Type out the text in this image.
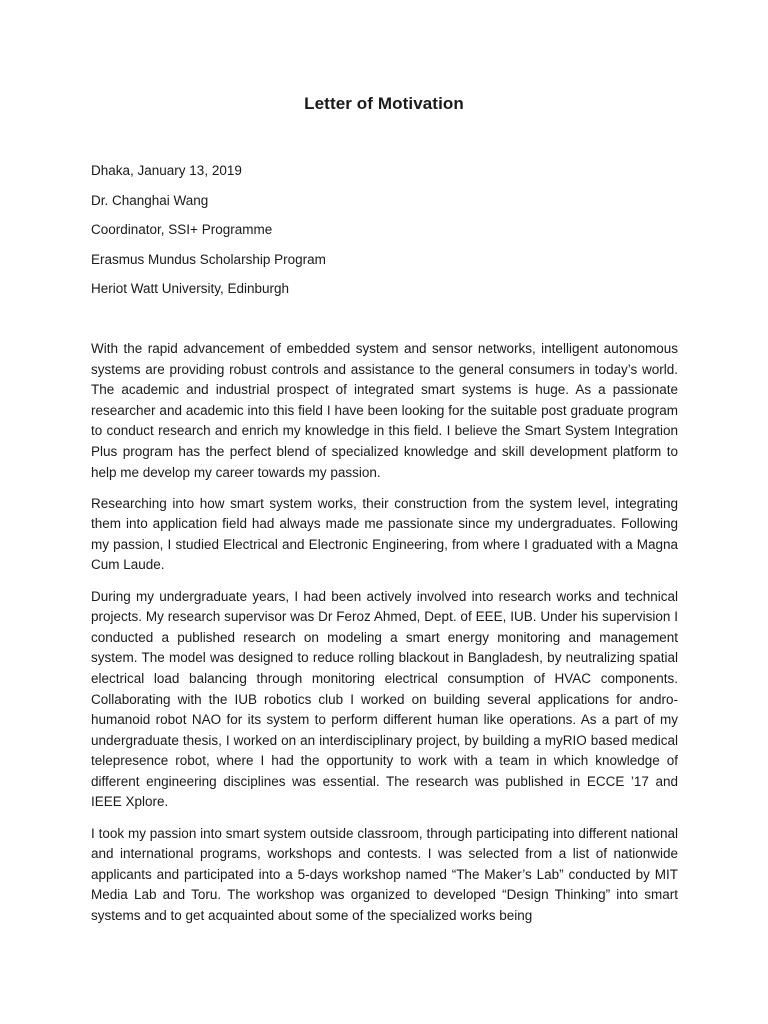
Letter of Motivation
Dhaka, January 13, 2019
Dr. Changhai Wang
Coordinator, SSI+ Programme
Erasmus Mundus Scholarship Program
Heriot Watt University, Edinburgh

With the rapid advancement of embedded system and sensor networks, intelligent autonomous systems are providing robust controls and assistance to the general consumers in today’s world. The academic and industrial prospect of integrated smart systems is huge. As a passionate researcher and academic into this field I have been looking for the suitable post graduate program to conduct research and enrich my knowledge in this field. I believe the Smart System Integration Plus program has the perfect blend of specialized knowledge and skill development platform to help me develop my career towards my passion.

Researching into how smart system works, their construction from the system level, integrating them into application field had always made me passionate since my undergraduates. Following my passion, I studied Electrical and Electronic Engineering, from where I graduated with a Magna Cum Laude.

During my undergraduate years, I had been actively involved into research works and technical projects. My research supervisor was Dr Feroz Ahmed, Dept. of EEE, IUB. Under his supervision I conducted a published research on modeling a smart energy monitoring and management system. The model was designed to reduce rolling blackout in Bangladesh, by neutralizing spatial electrical load balancing through monitoring electrical consumption of HVAC components. Collaborating with the IUB robotics club I worked on building several applications for andro-humanoid robot NAO for its system to perform different human like operations. As a part of my undergraduate thesis, I worked on an interdisciplinary project, by building a myRIO based medical telepresence robot, where I had the opportunity to work with a team in which knowledge of different engineering disciplines was essential. The research was published in ECCE ’17 and IEEE Xplore.

I took my passion into smart system outside classroom, through participating into different national and international programs, workshops and contests. I was selected from a list of nationwide applicants and participated into a 5-days workshop named “The Maker’s Lab” conducted by MIT Media Lab and Toru. The workshop was organized to developed “Design Thinking” into smart systems and to get acquainted about some of the specialized works being
